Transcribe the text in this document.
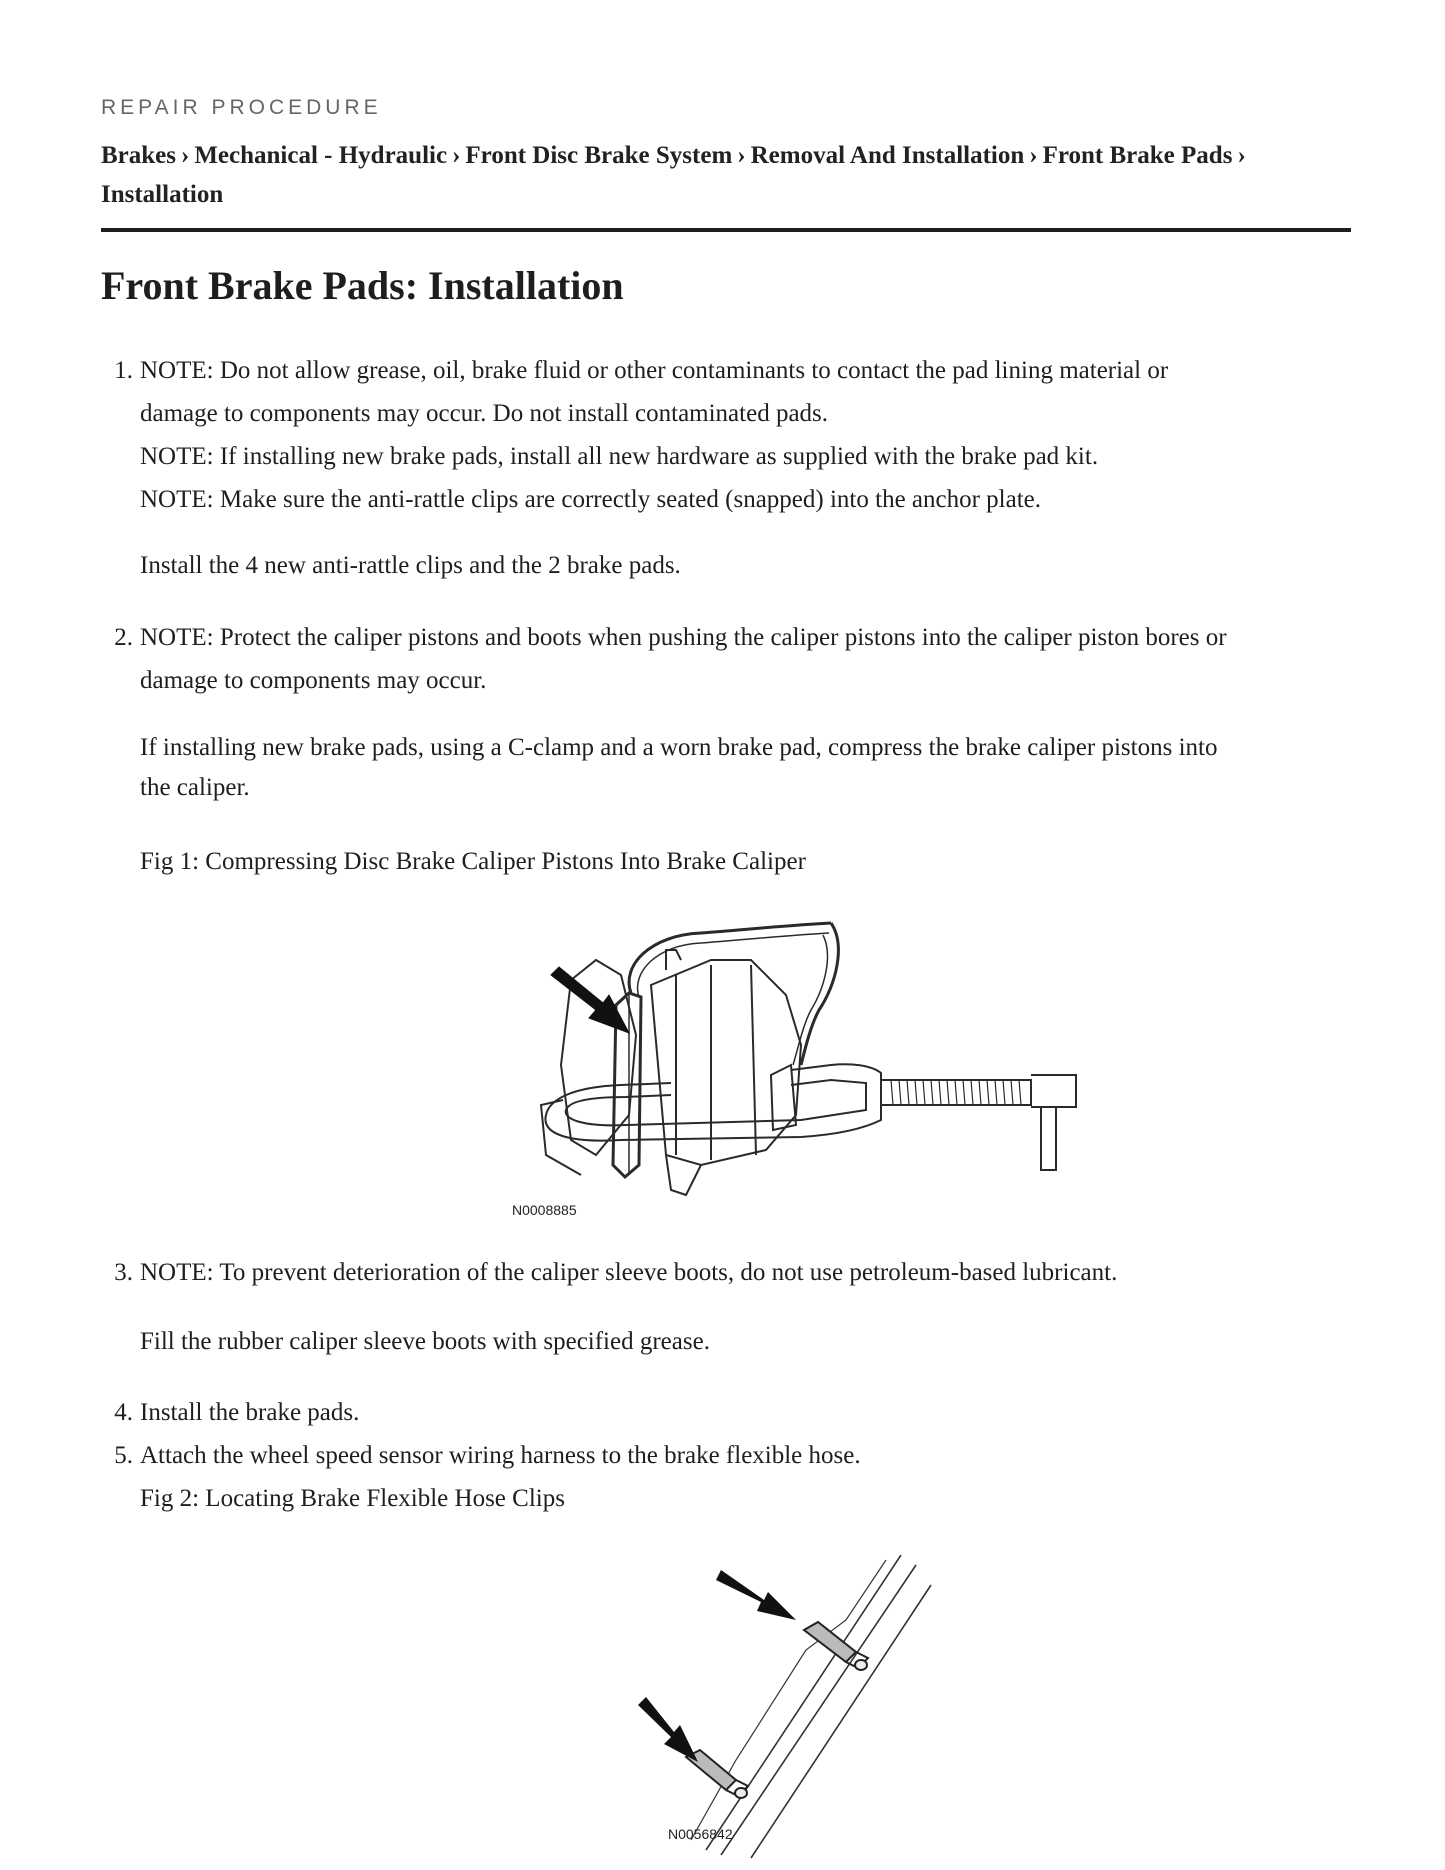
REPAIR PROCEDURE
Brakes › Mechanical - Hydraulic › Front Disc Brake System › Removal And Installation › Front Brake Pads ›
Installation
Front Brake Pads: Installation
1. NOTE: Do not allow grease, oil, brake fluid or other contaminants to contact the pad lining material or
damage to components may occur. Do not install contaminated pads.
NOTE: If installing new brake pads, install all new hardware as supplied with the brake pad kit.
NOTE: Make sure the anti-rattle clips are correctly seated (snapped) into the anchor plate.
Install the 4 new anti-rattle clips and the 2 brake pads.
2. NOTE: Protect the caliper pistons and boots when pushing the caliper pistons into the caliper piston bores or
damage to components may occur.
If installing new brake pads, using a C-clamp and a worn brake pad, compress the brake caliper pistons into
the caliper.
Fig 1: Compressing Disc Brake Caliper Pistons Into Brake Caliper
N0008885
3. NOTE: To prevent deterioration of the caliper sleeve boots, do not use petroleum-based lubricant.
Fill the rubber caliper sleeve boots with specified grease.
4. Install the brake pads.
5. Attach the wheel speed sensor wiring harness to the brake flexible hose.
Fig 2: Locating Brake Flexible Hose Clips
N0056842
